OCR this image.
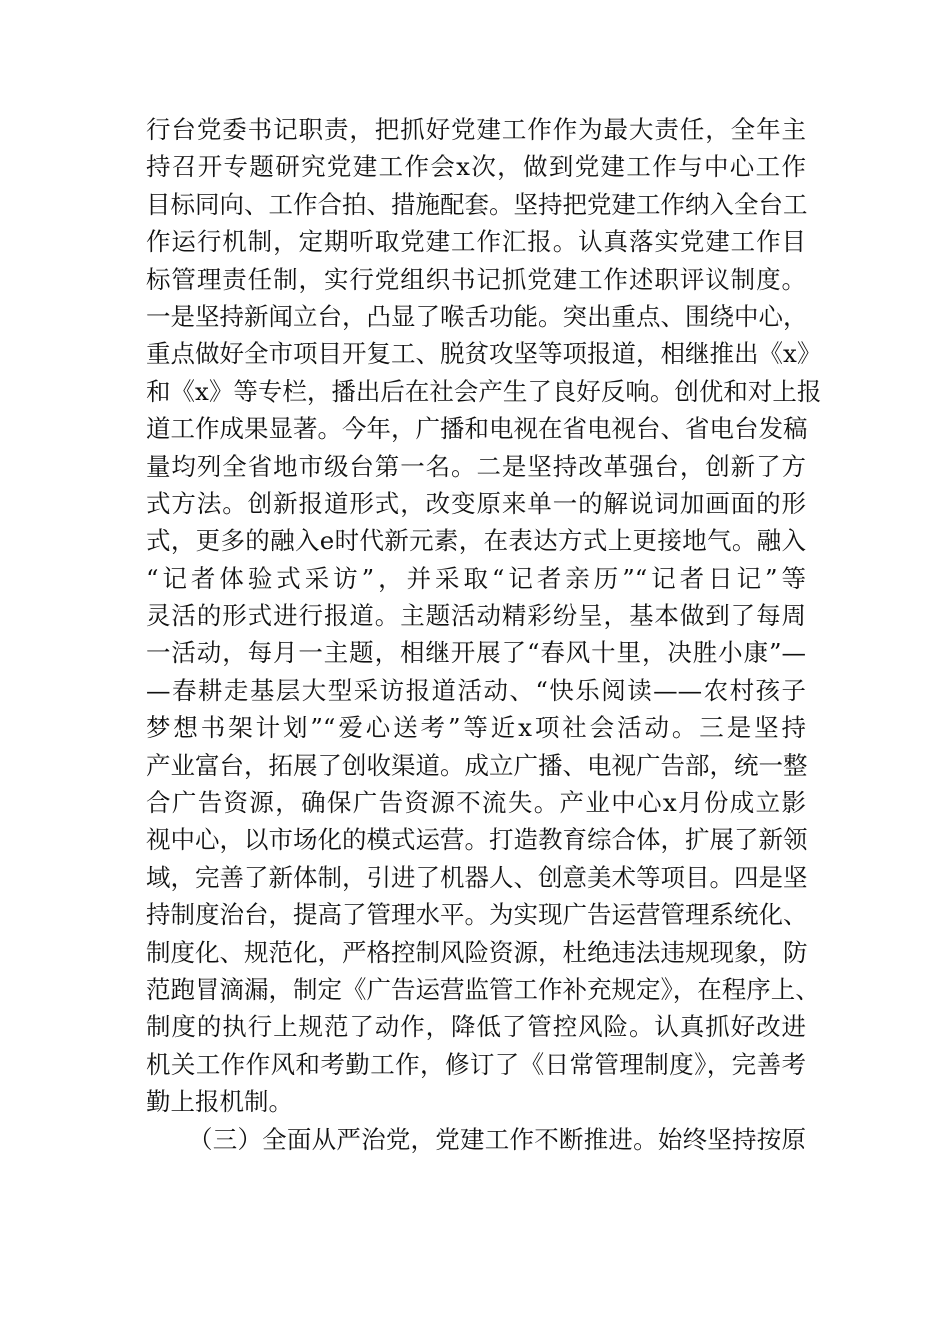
行台党委书记职责，把抓好党建工作作为最大责任，全年主
持召开专题研究党建工作会x次，做到党建工作与中心工作
目标同向、工作合拍、措施配套。坚持把党建工作纳入全台工
作运行机制，定期听取党建工作汇报。认真落实党建工作目
标管理责任制，实行党组织书记抓党建工作述职评议制度。
一是坚持新闻立台，凸显了喉舌功能。突出重点、围绕中心，
重点做好全市项目开复工、脱贫攻坚等项报道，相继推出《x》
和《x》等专栏，播出后在社会产生了良好反响。创优和对上报
道工作成果显著。今年，广播和电视在省电视台、省电台发稿
量均列全省地市级台第一名。二是坚持改革强台，创新了方
式方法。创新报道形式，改变原来单一的解说词加画面的形
式，更多的融入e时代新元素，在表达方式上更接地气。融入
“记者体验式采访”，并采取“记者亲历”“记者日记”等
灵活的形式进行报道。主题活动精彩纷呈，基本做到了每周
一活动，每月一主题，相继开展了“春风十里，决胜小康”—
—春耕走基层大型采访报道活动、“快乐阅读——农村孩子
梦想书架计划”“爱心送考”等近x项社会活动。三是坚持
产业富台，拓展了创收渠道。成立广播、电视广告部，统一整
合广告资源，确保广告资源不流失。产业中心x月份成立影
视中心，以市场化的模式运营。打造教育综合体，扩展了新领
域，完善了新体制，引进了机器人、创意美术等项目。四是坚
持制度治台，提高了管理水平。为实现广告运营管理系统化、
制度化、规范化，严格控制风险资源，杜绝违法违规现象，防
范跑冒滴漏，制定《广告运营监管工作补充规定》，在程序上、
制度的执行上规范了动作，降低了管控风险。认真抓好改进
机关工作作风和考勤工作，修订了《日常管理制度》，完善考
勤上报机制。
（三）全面从严治党，党建工作不断推进。始终坚持按原
